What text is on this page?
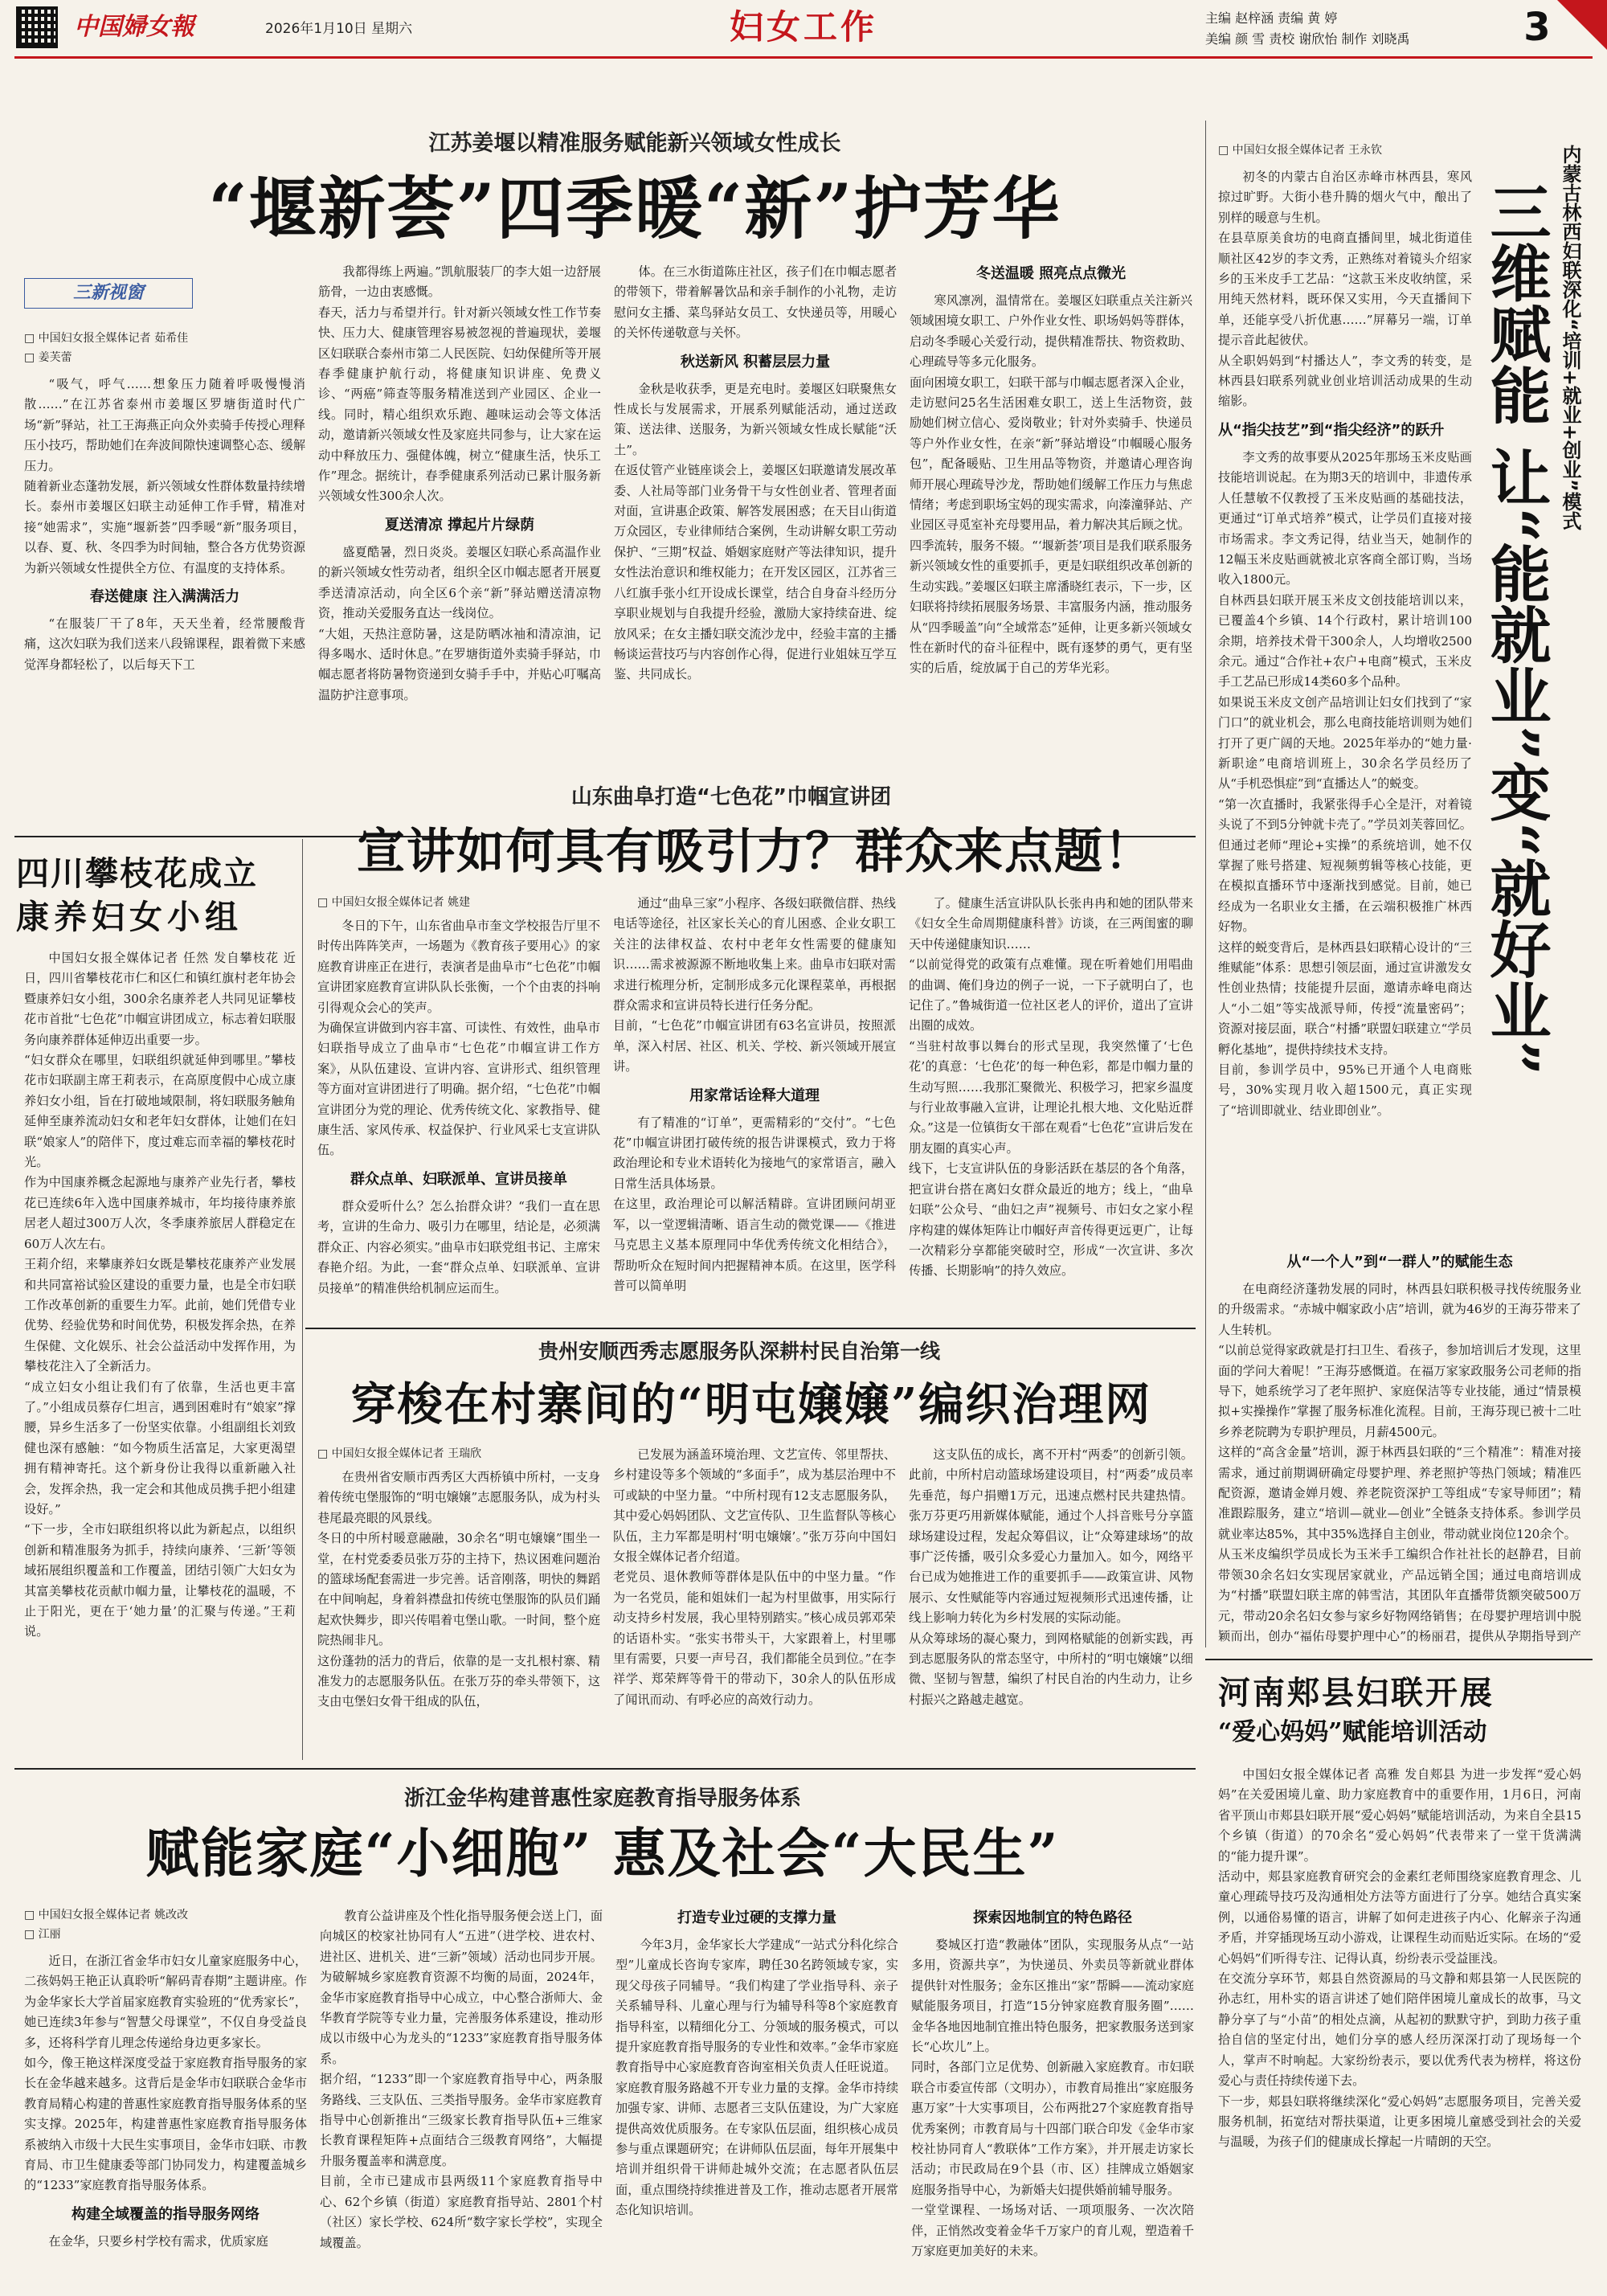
中国婦女報	2026年1月10日 星期六	妇女工作	主编 赵梓涵 责编 黄 婷
美编 颜 雪 责校 谢欣怡 制作 刘晓禹	3
江苏姜堰以精准服务赋能新兴领域女性成长
“堰新荟”四季暖“新”护芳华
三新视窗
□ 中国妇女报全媒体记者 茹希佳
□ 姜芙蕾
“吸气，呼气……想象压力随着呼吸慢慢消散……”在江苏省泰州市姜堰区罗塘街道时代广场“新”驿站，社工王海燕正向众外卖骑手传授心理释压小技巧，帮助她们在奔波间隙快速调整心态、缓解压力。
随着新业态蓬勃发展，新兴领域女性群体数量持续增长。泰州市姜堰区妇联主动延伸工作手臂，精准对接“她需求”，实施“堰新荟”四季暖“新”服务项目，以春、夏、秋、冬四季为时间轴，整合各方优势资源为新兴领域女性提供全方位、有温度的支持体系。
春送健康 注入满满活力
“在服装厂干了8年，天天坐着，经常腰酸背痛，这次妇联为我们送来八段锦课程，跟着微下来感觉浑身都轻松了，以后每天下工
我都得练上两遍。”凯航服装厂的李大姐一边舒展筋骨，一边由衷感慨。
春天，活力与希望并行。针对新兴领域女性工作节奏快、压力大、健康管理容易被忽视的普遍现状，姜堰区妇联联合泰州市第二人民医院、妇幼保健所等开展春季健康护航行动，将健康知识讲座、免费义诊、“两癌”筛查等服务精准送到产业园区、企业一线。同时，精心组织欢乐跑、趣味运动会等文体活动，邀请新兴领域女性及家庭共同参与，让大家在运动中释放压力、强健体魄，树立“健康生活，快乐工作”理念。据统计，春季健康系列活动已累计服务新兴领域女性300余人次。
夏送清凉 撑起片片绿荫
盛夏酷暑，烈日炎炎。姜堰区妇联心系高温作业的新兴领域女性劳动者，组织全区巾帼志愿者开展夏季送清凉活动，向全区6个亲“新”驿站赠送清凉物资，推动关爱服务直达一线岗位。
“大姐，天热注意防暑，这是防晒冰袖和清凉油，记得多喝水、适时休息。”在罗塘街道外卖骑手驿站，巾帼志愿者将防暑物资递到女骑手手中，并贴心叮嘱高温防护注意事项。
体。在三水街道陈庄社区，孩子们在巾帼志愿者的带领下，带着解暑饮品和亲手制作的小礼物，走访慰问女主播、菜鸟驿站女员工、女快递员等，用暖心的关怀传递敬意与关怀。
秋送新风 积蓄层层力量
金秋是收获季，更是充电时。姜堰区妇联聚焦女性成长与发展需求，开展系列赋能活动，通过送政策、送法律、送服务，为新兴领域女性成长赋能“沃土”。
在返仗管产业链座谈会上，姜堰区妇联邀请发展改革委、人社局等部门业务骨干与女性创业者、管理者面对面，宣讲惠企政策、解答发展困惑；在天目山街道万众园区，专业律师结合案例，生动讲解女职工劳动保护、“三期”权益、婚姻家庭财产等法律知识，提升女性法治意识和维权能力；在开发区园区，江苏省三八红旗手张小红开设成长课堂，结合自身奋斗经历分享职业规划与自我提升经验，激励大家持续奋进、绽放风采；在女主播妇联交流沙龙中，经验丰富的主播畅谈运营技巧与内容创作心得，促进行业姐妹互学互鉴、共同成长。
冬送温暖 照亮点点微光
寒风凛冽，温情常在。姜堰区妇联重点关注新兴领域困境女职工、户外作业女性、职场妈妈等群体，启动冬季暖心关爱行动，提供精准帮扶、物资救助、心理疏导等多元化服务。
面向困境女职工，妇联干部与巾帼志愿者深入企业，走访慰问25名生活困难女职工，送上生活物资，鼓励她们树立信心、爱岗敬业；针对外卖骑手、快递员等户外作业女性，在亲“新”驿站增设“巾帼暖心服务包”，配备暖贴、卫生用品等物资，并邀请心理咨询师开展心理疏导沙龙，帮助她们缓解工作压力与焦虑情绪；考虑到职场宝妈的现实需求，向溱潼驿站、产业园区寻觅室补充母婴用品，着力解决其后顾之忧。
四季流转，服务不辍。“‘堰新荟’项目是我们联系服务新兴领域女性的重要抓手，更是妇联组织改革创新的生动实践。”姜堰区妇联主席潘晓红表示，下一步，区妇联将持续拓展服务场景、丰富服务内涵，推动服务从“四季暖盖”向“全域常态”延伸，让更多新兴领域女性在新时代的奋斗征程中，既有逐梦的勇气，更有坚实的后盾，绽放属于自己的芳华光彩。
□ 中国妇女报全媒体记者 王永钦	内蒙古林西妇联深化“培训+就业+创业”模式
三维赋能 让“能就业”变“就好业”
初冬的内蒙古自治区赤峰市林西县，寒风掠过旷野。大街小巷升腾的烟火气中，酿出了别样的暖意与生机。
在县草原美食坊的电商直播间里，城北街道佳顺社区42岁的李文秀，正熟练对着镜头介绍家乡的玉米皮手工艺品：“这款玉米皮收纳筐，采用纯天然材料，既环保又实用，今天直播间下单，还能享受八折优惠……”屏幕另一端，订单提示音此起彼伏。
从全职妈妈到“村播达人”，李文秀的转变，是林西县妇联系列就业创业培训活动成果的生动缩影。
从“指尖技艺”到“指尖经济”的跃升
李文秀的故事要从2025年那场玉米皮贴画技能培训说起。在为期3天的培训中，非遗传承人任慧敏不仅教授了玉米皮贴画的基础技法，更通过“订单式培养”模式，让学员们直接对接市场需求。李文秀记得，结业当天，她制作的12幅玉米皮贴画就被北京客商全部订购，当场收入1800元。
自林西县妇联开展玉米皮文创技能培训以来，已覆盖4个乡镇、14个行政村，累计培训100余期，培养技术骨干300余人，人均增收2500余元。通过“合作社+农户+电商”模式，玉米皮手工艺品已形成14类60多个品种。
如果说玉米皮文创产品培训让妇女们找到了“家门口”的就业机会，那么电商技能培训则为她们打开了更广阔的天地。2025年举办的“她力量·新职途”电商培训班上，30余名学员经历了从“手机恐惧症”到“直播达人”的蜕变。
“第一次直播时，我紧张得手心全是汗，对着镜头说了不到5分钟就卡壳了。”学员刘芙蓉回忆。但通过老师“理论+实操”的系统培训，她不仅掌握了账号搭建、短视频剪辑等核心技能，更在模拟直播环节中逐渐找到感觉。目前，她已经成为一名职业女主播，在云端积极推广林西好物。
这样的蜕变背后，是林西县妇联精心设计的“三维赋能”体系：思想引领层面，通过宣讲激发女性创业热情；技能提升层面，邀请赤峰电商达人“小二姐”等实战派导师，传授“流量密码”；资源对接层面，联合“村播”联盟妇联建立“学员孵化基地”，提供持续技术支持。
目前，参训学员中，95%已开通个人电商账号，30%实现月收入超1500元，真正实现了“培训即就业、结业即创业”。
从“一个人”到“一群人”的赋能生态
在电商经济蓬勃发展的同时，林西县妇联积极寻找传统服务业的升级需求。“赤城中帼家政小店”培训，就为46岁的王海芬带来了人生转机。
“以前总觉得家政就是打扫卫生、看孩子，参加培训后才发现，这里面的学问大着呢！”王海芬感慨道。在福万家家政服务公司老师的指导下，她系统学习了老年照护、家庭保洁等专业技能，通过“情景模拟+实操操作”掌握了服务标准化流程。目前，王海芬现已被十二吐乡养老院聘为专职护理员，月薪4500元。
这样的“高含金量”培训，源于林西县妇联的“三个精准”：精准对接需求，通过前期调研确定母婴护理、养老照护等热门领域；精准匹配资源，邀请金婵月嫂、养老院资深护工等组成“专家导师团”；精准跟踪服务，建立“培训—就业—创业”全链条支持体系。参训学员就业率达85%，其中35%选择自主创业，带动就业岗位120余个。
从玉米皮编织学员成长为玉米手工编织合作社社长的赵静君，目前带领30余名妇女实现居家就业，产品远销全国；通过电商培训成为“村播”联盟妇联主席的韩雪洁，其团队年直播带货额突破500万元，带动20余名妇女参与家乡好物网络销售；在母婴护理培训中脱颖而出，创办“福佑母婴护理中心”的杨丽君，提供从孕期指导到产

四川攀枝花成立
康养妇女小组
中国妇女报全媒体记者 任然 发自攀枝花 近日，四川省攀枝花市仁和区仁和镇红旗村老年协会暨康养妇女小组，300余名康养老人共同见证攀枝花市首批“七色花”巾帼宣讲团成立，标志着妇联服务向康养群体延伸迈出重要一步。
“妇女群众在哪里，妇联组织就延伸到哪里。”攀枝花市妇联副主席王莉表示，在高原度假中心成立康养妇女小组，旨在打破地域限制，将妇联服务触角延伸至康养流动妇女和老年妇女群体，让她们在妇联“娘家人”的陪伴下，度过难忘而幸福的攀枝花时光。
作为中国康养概念起源地与康养产业先行者，攀枝花已连续6年入选中国康养城市，年均接待康养旅居老人超过300万人次，冬季康养旅居人群稳定在60万人次左右。
王莉介绍，来攀康养妇女既是攀枝花康养产业发展和共同富裕试验区建设的重要力量，也是全市妇联工作改革创新的重要生力军。此前，她们凭借专业优势、经验优势和时间优势，积极发挥余热，在养生保健、文化娱乐、社会公益活动中发挥作用，为攀枝花注入了全新活力。
“成立妇女小组让我们有了依靠，生活也更丰富了。”小组成员蔡存仁坦言，遇到困难时有“娘家”撑腰，异乡生活多了一份坚实依靠。小组副组长刘致健也深有感触：“如今物质生活富足，大家更渴望拥有精神寄托。这个新身份让我得以重新融入社会，发挥余热，我一定会和其他成员携手把小组建设好。”
“下一步，全市妇联组织将以此为新起点，以组织创新和精准服务为抓手，持续向康养、‘三新’等领域拓展组织覆盖和工作覆盖，团结引领广大妇女为其富美攀枝花贡献巾帼力量，让攀枝花的温暖，不止于阳光，更在于‘她力量’的汇聚与传递。”王莉说。
山东曲阜打造“七色花”巾帼宣讲团
宣讲如何具有吸引力？群众来点题！
□ 中国妇女报全媒体记者 姚建
冬日的下午，山东省曲阜市奎文学校报告厅里不时传出阵阵笑声，一场题为《教育孩子要用心》的家庭教育讲座正在进行，表演者是曲阜市“七色花”巾帼宣讲团家庭教育宣讲队队长张衡，一个个由衷的抖响引得观众会心的笑声。
为确保宣讲做到内容丰富、可读性、有效性，曲阜市妇联指导成立了曲阜市“七色花”巾帼宣讲工作方案》，从队伍建设、宣讲内容、宣讲形式、组织管理等方面对宣讲团进行了明确。据介绍，“七色花”巾帼宣讲团分为党的理论、优秀传统文化、家教指导、健康生活、家风传承、权益保护、行业风采七支宣讲队伍。
群众点单、妇联派单、宣讲员接单
群众爱听什么？怎么抬群众讲？“我们一直在思考，宣讲的生命力、吸引力在哪里，结论是，必须满群众正、内容必须实。”曲阜市妇联党组书记、主席宋春艳介绍。为此，一套“群众点单、妇联派单、宣讲员接单”的精准供给机制应运而生。
通过“曲阜三家”小程序、各级妇联微信群、热线电话等途径，社区家长关心的育儿困惑、企业女职工关注的法律权益、农村中老年女性需要的健康知识……需求被源源不断地收集上来。曲阜市妇联对需求进行梳理分析，定制形成多元化课程菜单，再根据群众需求和宣讲员特长进行任务分配。
目前，“七色花”巾帼宣讲团有63名宣讲员，按照派单，深入村居、社区、机关、学校、新兴领域开展宣讲。
用家常话诠释大道理
有了精准的“订单”，更需精彩的“交付”。“七色花”巾帼宣讲团打破传统的报告讲课模式，致力于将政治理论和专业术语转化为接地气的家常语言，融入日常生活具体场景。
在这里，政治理论可以解活精辟。宣讲团顾问胡亚军，以一堂逻辑清晰、语言生动的微党课——《推进马克思主义基本原理同中华优秀传统文化相结合》，帮助听众在短时间内把握精神本质。在这里，医学科普可以简单明
了。健康生活宣讲队队长张冉冉和她的团队带来《妇女全生命周期健康科普》访谈，在三两闺蜜的聊天中传递健康知识……
“以前觉得党的政策有点难懂。现在听着她们用唱曲的曲调、俺们身边的例子一说，一下子就明白了，也记住了。”鲁城街道一位社区老人的评价，道出了宣讲出圈的成效。
“当驻村故事以舞台的形式呈现，我突然懂了‘七色花’的真意：‘七色花’的每一种色彩，都是巾帼力量的生动写照……我那汇聚微光、积极学习，把家乡温度与行业故事融入宣讲，让理论扎根大地、文化贴近群众。”这是一位镇街女干部在观看“七色花”宣讲后发在朋友圈的真实心声。
线下，七支宣讲队伍的身影活跃在基层的各个角落，把宣讲台搭在离妇女群众最近的地方；线上，“曲阜妇联”公众号、“曲妇之声”视频号、市妇女之家小程序构建的媒体矩阵让巾帼好声音传得更远更广，让每一次精彩分享都能突破时空，形成“一次宣讲、多次传播、长期影响”的持久效应。
贵州安顺西秀志愿服务队深耕村民自治第一线
穿梭在村寨间的“明屯嬢嬢”编织治理网
□ 中国妇女报全媒体记者 王瑞欣
在贵州省安顺市西秀区大西桥镇中所村，一支身着传统屯堡服饰的“明屯嬢嬢”志愿服务队，成为村头巷尾最亮眼的风景线。
冬日的中所村暖意融融，30余名“明屯嬢嬢”围坐一堂，在村党委委员张万芬的主持下，热议困难问题治的篮球场配套需进一步完善。话音刚落，明快的舞蹈在中间响起，身着斜襟盘扣传统屯堡服饰的队员们踊起欢快舞步，即兴传唱着屯堡山歌。一时间，整个庭院热闹非凡。
这份蓬勃的活力的背后，依靠的是一支扎根村寨、精准发力的志愿服务队伍。在张万芬的牵头带领下，这支由屯堡妇女骨干组成的队伍，
已发展为涵盖环境治理、文艺宣传、邻里帮扶、乡村建设等多个领域的“多面手”，成为基层治理中不可或缺的中坚力量。“中所村现有12支志愿服务队，其中爱心妈妈团队、文艺宣传队、卫生监督队等核心队伍，主力军都是明村‘明屯嬢嬢’。”张万芬向中国妇女报全媒体记者介绍道。
老党员、退休教师等群体是队伍中的中坚力量。“作为一名党员，能和姐妹们一起为村里做事，用实际行动支持乡村发展，我心里特别踏实。”核心成员郭邓荣的话语朴实。“张实书带头干，大家跟着上，村里哪里有需要，只要一声号召，我们都能全员到位。”在李祥学、郑荣辉等骨干的带动下，30余人的队伍形成了闻讯而动、有呼必应的高效行动力。
这支队伍的成长，离不开村“两委”的创新引领。此前，中所村启动篮球场建设项目，村“两委”成员率先垂范，每户捐赠1万元，迅速点燃村民共建热情。张万芬更巧用新媒体赋能，通过个人抖音账号分享篮球场建设过程，发起众筹倡议，让“众筹建球场”的故事广泛传播，吸引众多爱心力量加入。如今，网络平台已成为她推进工作的重要抓手——政策宣讲、风物展示、女性赋能等内容通过短视频形式迅速传播，让线上影响力转化为乡村发展的实际动能。
从众筹球场的凝心聚力，到网格赋能的创新实践，再到志愿服务队的常态坚守，中所村的“明屯嬢嬢”以细微、坚韧与智慧，编织了村民自治的内生动力，让乡村振兴之路越走越宽。
浙江金华构建普惠性家庭教育指导服务体系
赋能家庭“小细胞” 惠及社会“大民生”
□ 中国妇女报全媒体记者 姚改改
□ 江丽
近日，在浙江省金华市妇女儿童家庭服务中心，二孩妈妈王艳正认真聆听“解码青春期”主题讲座。作为金华家长大学首届家庭教育实验班的“优秀家长”，她已连续3年参与“智慧父母课堂”，不仅自身受益良多，还将科学育儿理念传递给身边更多家长。
如今，像王艳这样深度受益于家庭教育指导服务的家长在金华越来越多。这背后是金华市妇联联合金华市教育局精心构建的普惠性家庭教育指导服务体系的坚实支撑。2025年，构建普惠性家庭教育指导服务体系被纳入市级十大民生实事项目，金华市妇联、市教育局、市卫生健康委等部门协同发力，构建覆盖城乡的“1233”家庭教育指导服务体系。
构建全域覆盖的指导服务网络
在金华，只要乡村学校有需求，优质家庭
教育公益讲座及个性化指导服务便会送上门，面向城区的校家社协同有人“五进”（进学校、进农村、进社区、进机关、进“三新”领域）活动也同步开展。为破解城乡家庭教育资源不均衡的局面，2024年，金华市家庭教育指导中心成立，中心整合浙师大、金华教育学院等专业力量，完善服务体系建设，推动形成以市级中心为龙头的“1233”家庭教育指导服务体系。
据介绍，“1233”即一个家庭教育指导中心，两条服务路线、三支队伍、三类指导服务。金华市家庭教育指导中心创新推出“三级家长教育指导队伍+三维家长教育课程矩阵+点面结合三级教育网络”，大幅提升服务覆盖率和满意度。
目前，全市已建成市县两级11个家庭教育指导中心、62个乡镇（街道）家庭教育指导站、2801个村（社区）家长学校、624所“数字家长学校”，实现全域覆盖。
打造专业过硬的支撑力量
今年3月，金华家长大学建成“一站式分科化综合型”儿童成长咨询专家库，聘任30名跨领域专家，实现父母孩子同辅导。“我们构建了学业指导科、亲子关系辅导科、儿童心理与行为辅导科等8个家庭教育指导科室，以精细化分工、分领域的服务模式，可以提升家庭教育指导服务的专业性和效率。”金华市家庭教育指导中心家庭教育咨询室相关负责人任旺说道。
家庭教育服务路越不开专业力量的支撑。金华市持续加强专家、讲师、志愿者三支队伍建设，为广大家庭提供高效优质服务。在专家队伍层面，组织核心成员参与重点课题研究；在讲师队伍层面，每年开展集中培训并组织骨干讲师赴城外交流；在志愿者队伍层面，重点围绕持续推进普及工作，推动志愿者开展常态化知识培训。
探索因地制宜的特色路径
婺城区打造“教融体”团队，实现服务从点“一站多用，资源共享”，为快递员、外卖员等新就业群体提供针对性服务；金东区推出“家”帮瞬——流动家庭赋能服务项目，打造“15分钟家庭教育服务圈”……金华各地因地制宜推出特色服务，把家教服务送到家长“心坎儿”上。
同时，各部门立足优势、创新融入家庭教育。市妇联联合市委宣传部（文明办），市教育局推出“家庭服务惠万家”十大实事项目，公布两批27个家庭教育指导优秀案例；市教育局与十四部门联合印发《金华市家校社协同育人“教联体”工作方案》，并开展走访家长活动；市民政局在9个县（市、区）挂牌成立婚姻家庭服务指导中心，为新婚夫妇提供婚前辅导服务。
一堂堂课程、一场场对话、一项项服务、一次次陪伴，正悄然改变着金华千万家户的育儿观，塑造着千万家庭更加美好的未来。
河南郏县妇联开展
“爱心妈妈”赋能培训活动
中国妇女报全媒体记者 高雅 发自郏县 为进一步发挥“爱心妈妈”在关爱困境儿童、助力家庭教育中的重要作用，1月6日，河南省平顶山市郏县妇联开展“爱心妈妈”赋能培训活动，为来自全县15个乡镇（街道）的70余名“爱心妈妈”代表带来了一堂干货满满的“能力提升课”。
活动中，郏县家庭教育研究会的金素红老师围绕家庭教育理念、儿童心理疏导技巧及沟通相处方法等方面进行了分享。她结合真实案例，以通俗易懂的语言，讲解了如何走进孩子内心、化解亲子沟通矛盾，并穿插现场互动小游戏，让课程生动而贴近实际。在场的“爱心妈妈”们听得专注、记得认真，纷纷表示受益匪浅。
在交流分享环节，郏县自然资源局的马文静和郏县第一人民医院的孙志红，用朴实的语言讲述了她们陪伴困境儿童成长的故事，马文静分享了与“小苗”的相处点滴，从起初的默默守护，到助力孩子重拾自信的坚定付出，她们分享的感人经历深深打动了现场每一个人，掌声不时响起。大家纷纷表示，要以优秀代表为榜样，将这份爱心与责任持续传递下去。
下一步，郏县妇联将继续深化“爱心妈妈”志愿服务项目，完善关爱服务机制，拓宽结对帮扶渠道，让更多困境儿童感受到社会的关爱与温暖，为孩子们的健康成长撑起一片晴朗的天空。
